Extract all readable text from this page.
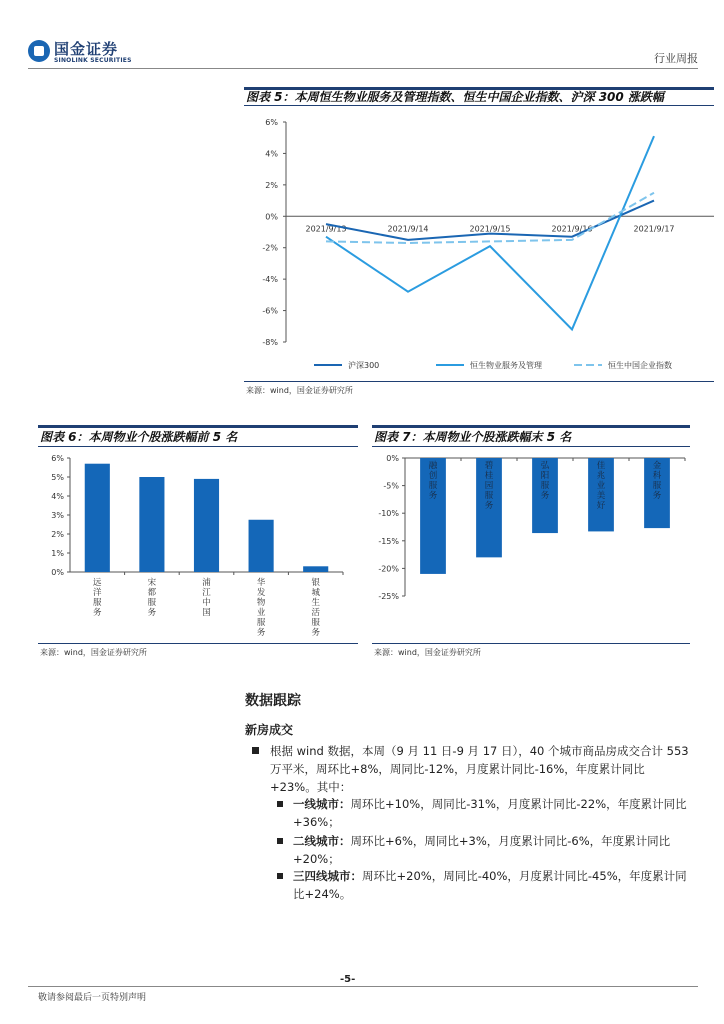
国金证券
SINOLINK SECURITIES	行业周报
图表 5：本周恒生物业服务及管理指数、恒生中国企业指数、沪深 300 涨跌幅
6%
4%
2%
0%
-2%
-4%
-6%
-8%
2021/9/13	2021/9/14	2021/9/15	2021/9/16	2021/9/17
沪深300	恒生物业服务及管理	恒生中国企业指数
来源：wind，国金证券研究所
图表 6：本周物业个股涨跌幅前 5 名
6%
5%
4%
3%
2%
1%
0%
远
洋
服
务
宋
都
服
务
浦
江
中
国
华
发
物
业
服
务
银
城
生
活
服
务
来源：wind，国金证券研究所
图表 7：本周物业个股涨跌幅末 5 名
0%
-5%
-10%
-15%
-20%
-25%
融
创
服
务
碧
桂
园
服
务
弘
阳
服
务
佳
兆
业
美
好
金
科
服
务
来源：wind，国金证券研究所
数据跟踪
新房成交
根据 wind 数据，本周（9 月 11 日-9 月 17 日），40 个城市商品房成交合计 553 万平米，周环比+8%，周同比-12%，月度累计同比-16%，年度累计同比+23%。其中：
一线城市：周环比+10%，周同比-31%，月度累计同比-22%，年度累计同比+36%；
二线城市：周环比+6%，周同比+3%，月度累计同比-6%，年度累计同比+20%；
三四线城市：周环比+20%，周同比-40%，月度累计同比-45%，年度累计同比+24%。
-5-
敬请参阅最后一页特别声明
